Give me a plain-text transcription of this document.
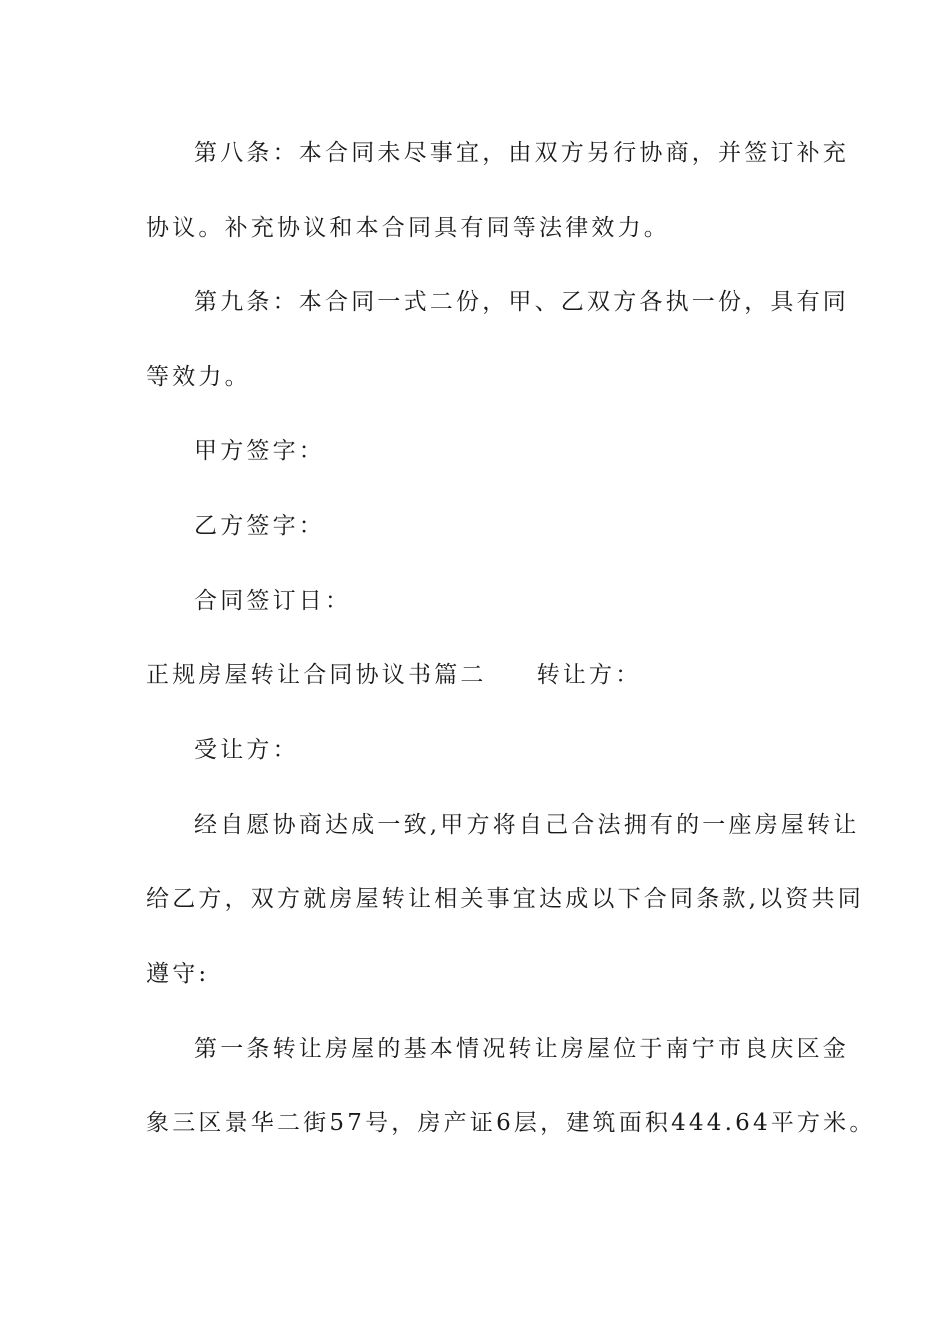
第八条：本合同未尽事宜，由双方另行协商，并签订补充
协议。补充协议和本合同具有同等法律效力。
第九条：本合同一式二份，甲、乙双方各执一份，具有同
等效力。
甲方签字：
乙方签字：
合同签订日：
正规房屋转让合同协议书篇二 转让方：
受让方：
经自愿协商达成一致,甲方将自己合法拥有的一座房屋转让
给乙方，双方就房屋转让相关事宜达成以下合同条款,以资共同
遵守:
第一条转让房屋的基本情况转让房屋位于南宁市良庆区金
象三区景华二街57号，房产证6层，建筑面积444.64平方米。
